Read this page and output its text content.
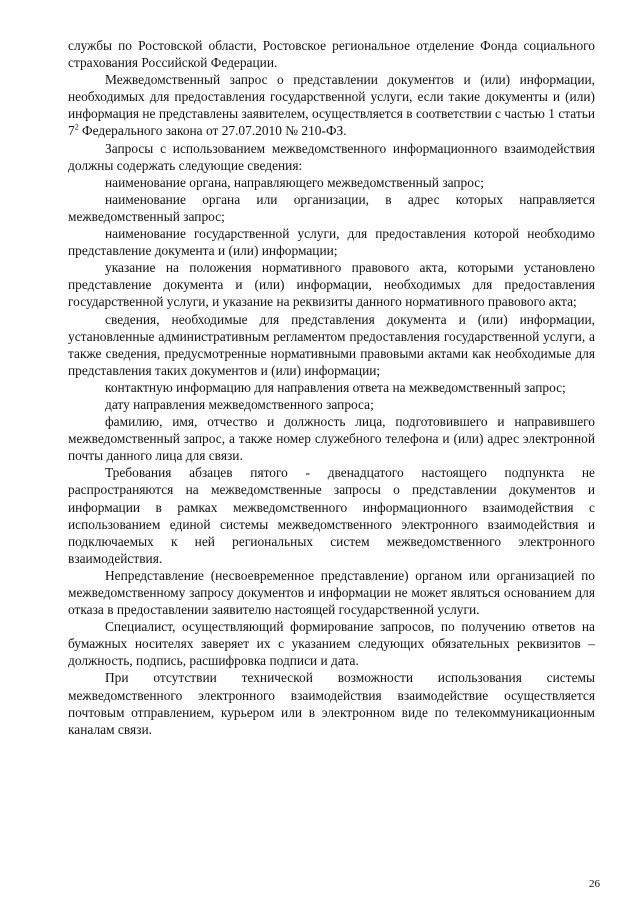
службы по Ростовской области, Ростовское региональное отделение Фонда социального страхования Российской Федерации.

Межведомственный запрос о представлении документов и (или) информации, необходимых для предоставления государственной услуги, если такие документы и (или) информация не представлены заявителем, осуществляется в соответствии с частью 1 статьи $7^2$ Федерального закона от 27.07.2010 № 210-ФЗ.

Запросы с использованием межведомственного информационного взаимодействия должны содержать следующие сведения:

наименование органа, направляющего межведомственный запрос;

наименование органа или организации, в адрес которых направляется межведомственный запрос;

наименование государственной услуги, для предоставления которой необходимо представление документа и (или) информации;

указание на положения нормативного правового акта, которыми установлено представление документа и (или) информации, необходимых для предоставления государственной услуги, и указание на реквизиты данного нормативного правового акта;

сведения, необходимые для представления документа и (или) информации, установленные административным регламентом предоставления государственной услуги, а также сведения, предусмотренные нормативными правовыми актами как необходимые для представления таких документов и (или) информации;

контактную информацию для направления ответа на межведомственный запрос;

дату направления межведомственного запроса;

фамилию, имя, отчество и должность лица, подготовившего и направившего межведомственный запрос, а также номер служебного телефона и (или) адрес электронной почты данного лица для связи.

Требования абзацев пятого - двенадцатого настоящего подпункта не распространяются на межведомственные запросы о представлении документов и информации в рамках межведомственного информационного взаимодействия с использованием единой системы межведомственного электронного взаимодействия и подключаемых к ней региональных систем межведомственного электронного взаимодействия.

Непредставление (несвоевременное представление) органом или организацией по межведомственному запросу документов и информации не может являться основанием для отказа в предоставлении заявителю настоящей государственной услуги.

Специалист, осуществляющий формирование запросов, по получению ответов на бумажных носителях заверяет их с указанием следующих обязательных реквизитов – должность, подпись, расшифровка подписи и дата.

При отсутствии технической возможности использования системы межведомственного электронного взаимодействия взаимодействие осуществляется почтовым отправлением, курьером или в электронном виде по телекоммуникационным каналам связи.

26
